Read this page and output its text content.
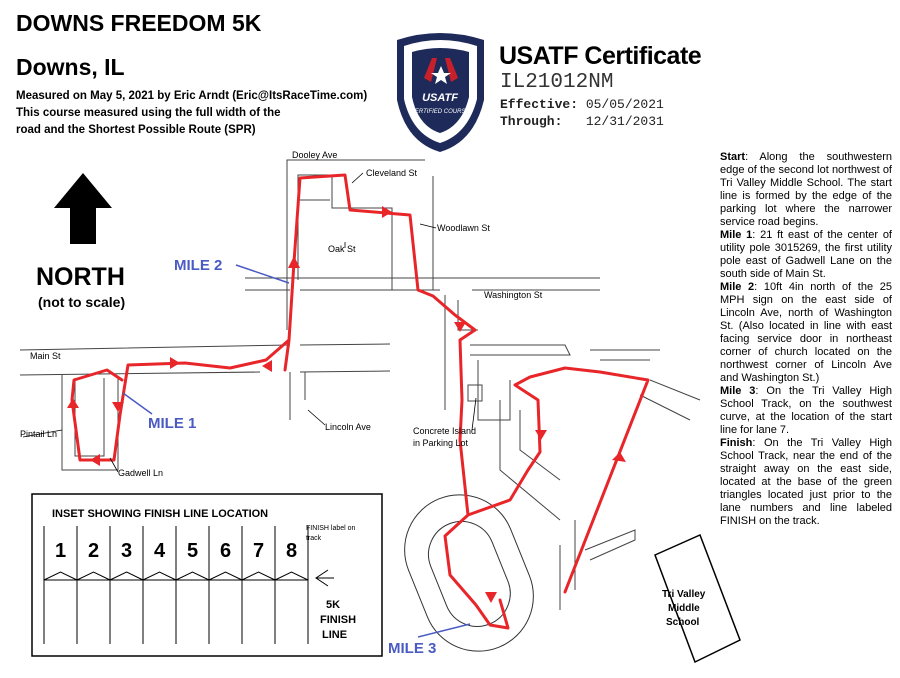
DOWNS FREEDOM 5K
Downs, IL
Measured on May 5, 2021 by Eric Arndt (Eric@ItsRaceTime.com)
This course measured using the full width of the
road and the Shortest Possible Route (SPR)
USATF Certificate
IL21012NM
Effective: 05/05/2021
Through: 12/31/2031
NORTH
(not to scale)
USATF
CERTIFIED COURSE
Tri Valley Middle School
Dooley Ave
Cleveland St
Woodlawn St
Oak St
Washington St
Main St
Pintail Ln
Gadwell Ln
Lincoln Ave	Concrete Island
in Parking Lot
MILE 1
MILE 2
MILE 3
INSET SHOWING FINISH LINE LOCATION
1 2 3 4 5 6 7 8
FINISH label on
track
5K
FINISH
LINE

Start: Along the southwestern edge of the second lot northwest of Tri Valley Middle School. The start line is formed by the edge of the parking lot where the narrower service road begins.

Mile 1: 21 ft east of the center of utility pole 3015269, the first utility pole east of Gadwell Lane on the south side of Main St.

Mile 2: 10ft 4in north of the 25 MPH sign on the east side of Lincoln Ave, north of Washington St. (Also located in line with east facing service door in northeast corner of church located on the northwest corner of Lincoln Ave and Washington St.)

Mile 3: On the Tri Valley High School Track, on the southwest curve, at the location of the start line for lane 7.

Finish: On the Tri Valley High School Track, near the end of the straight away on the east side, located at the base of the green triangles located just prior to the lane numbers and line labeled FINISH on the track.
